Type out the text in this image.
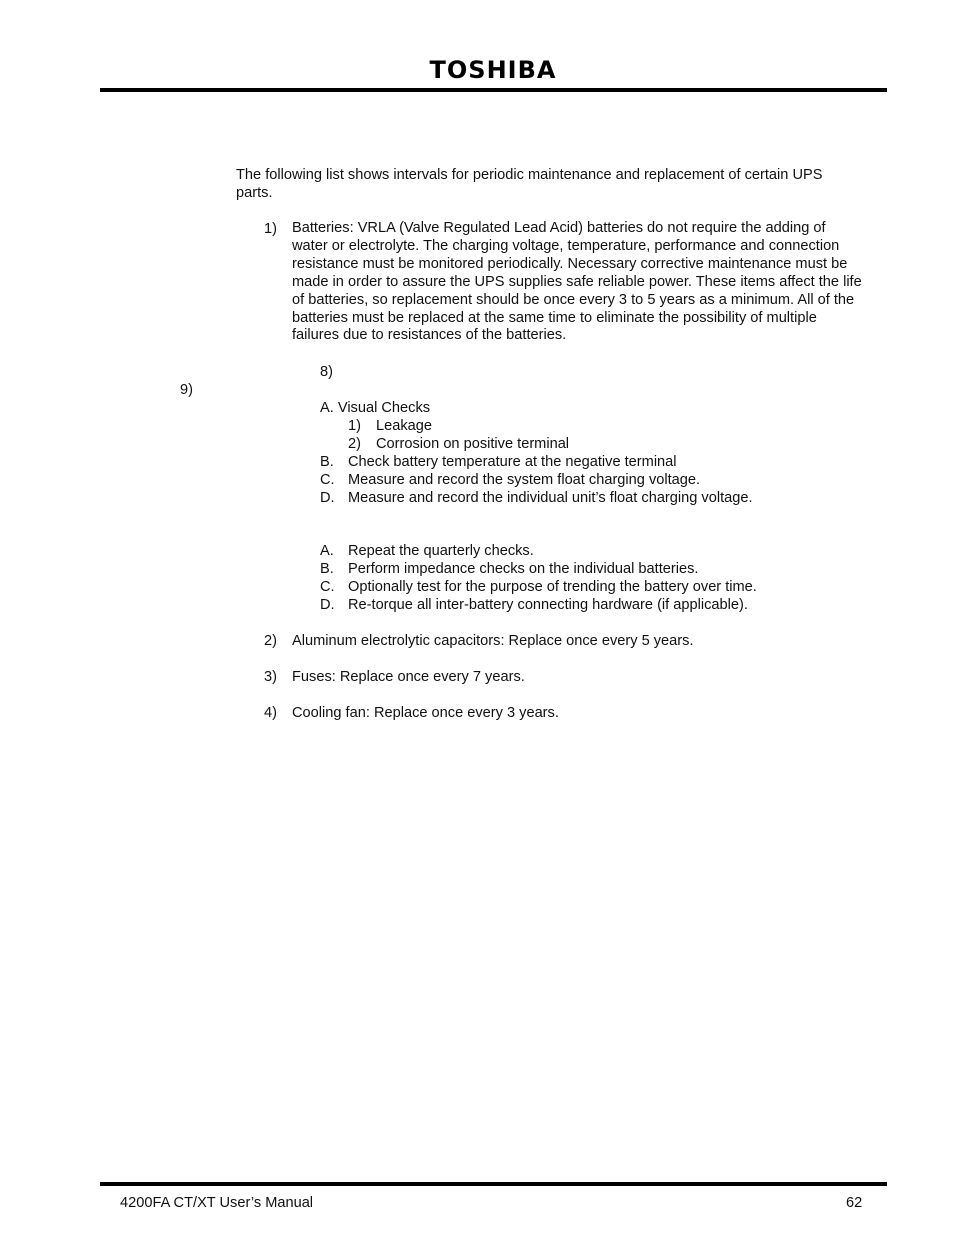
TOSHIBA
The following list shows intervals for periodic maintenance and replacement of certain UPS
parts.
1) Batteries: VRLA (Valve Regulated Lead Acid) batteries do not require the adding of water or electrolyte. The charging voltage, temperature, performance and connection resistance must be monitored periodically. Necessary corrective maintenance must be made in order to assure the UPS supplies safe reliable power. These items affect the life of batteries, so replacement should be once every 3 to 5 years as a minimum. All of the batteries must be replaced at the same time to eliminate the possibility of multiple failures due to resistances of the batteries.
8)
9)
A. Visual Checks
1) Leakage
2) Corrosion on positive terminal
B. Check battery temperature at the negative terminal
C. Measure and record the system float charging voltage.
D. Measure and record the individual unit’s float charging voltage.
A. Repeat the quarterly checks.
B. Perform impedance checks on the individual batteries.
C. Optionally test for the purpose of trending the battery over time.
D. Re-torque all inter-battery connecting hardware (if applicable).
2) Aluminum electrolytic capacitors: Replace once every 5 years.
3) Fuses: Replace once every 7 years.
4) Cooling fan: Replace once every 3 years.
4200FA CT/XT User’s Manual	62
